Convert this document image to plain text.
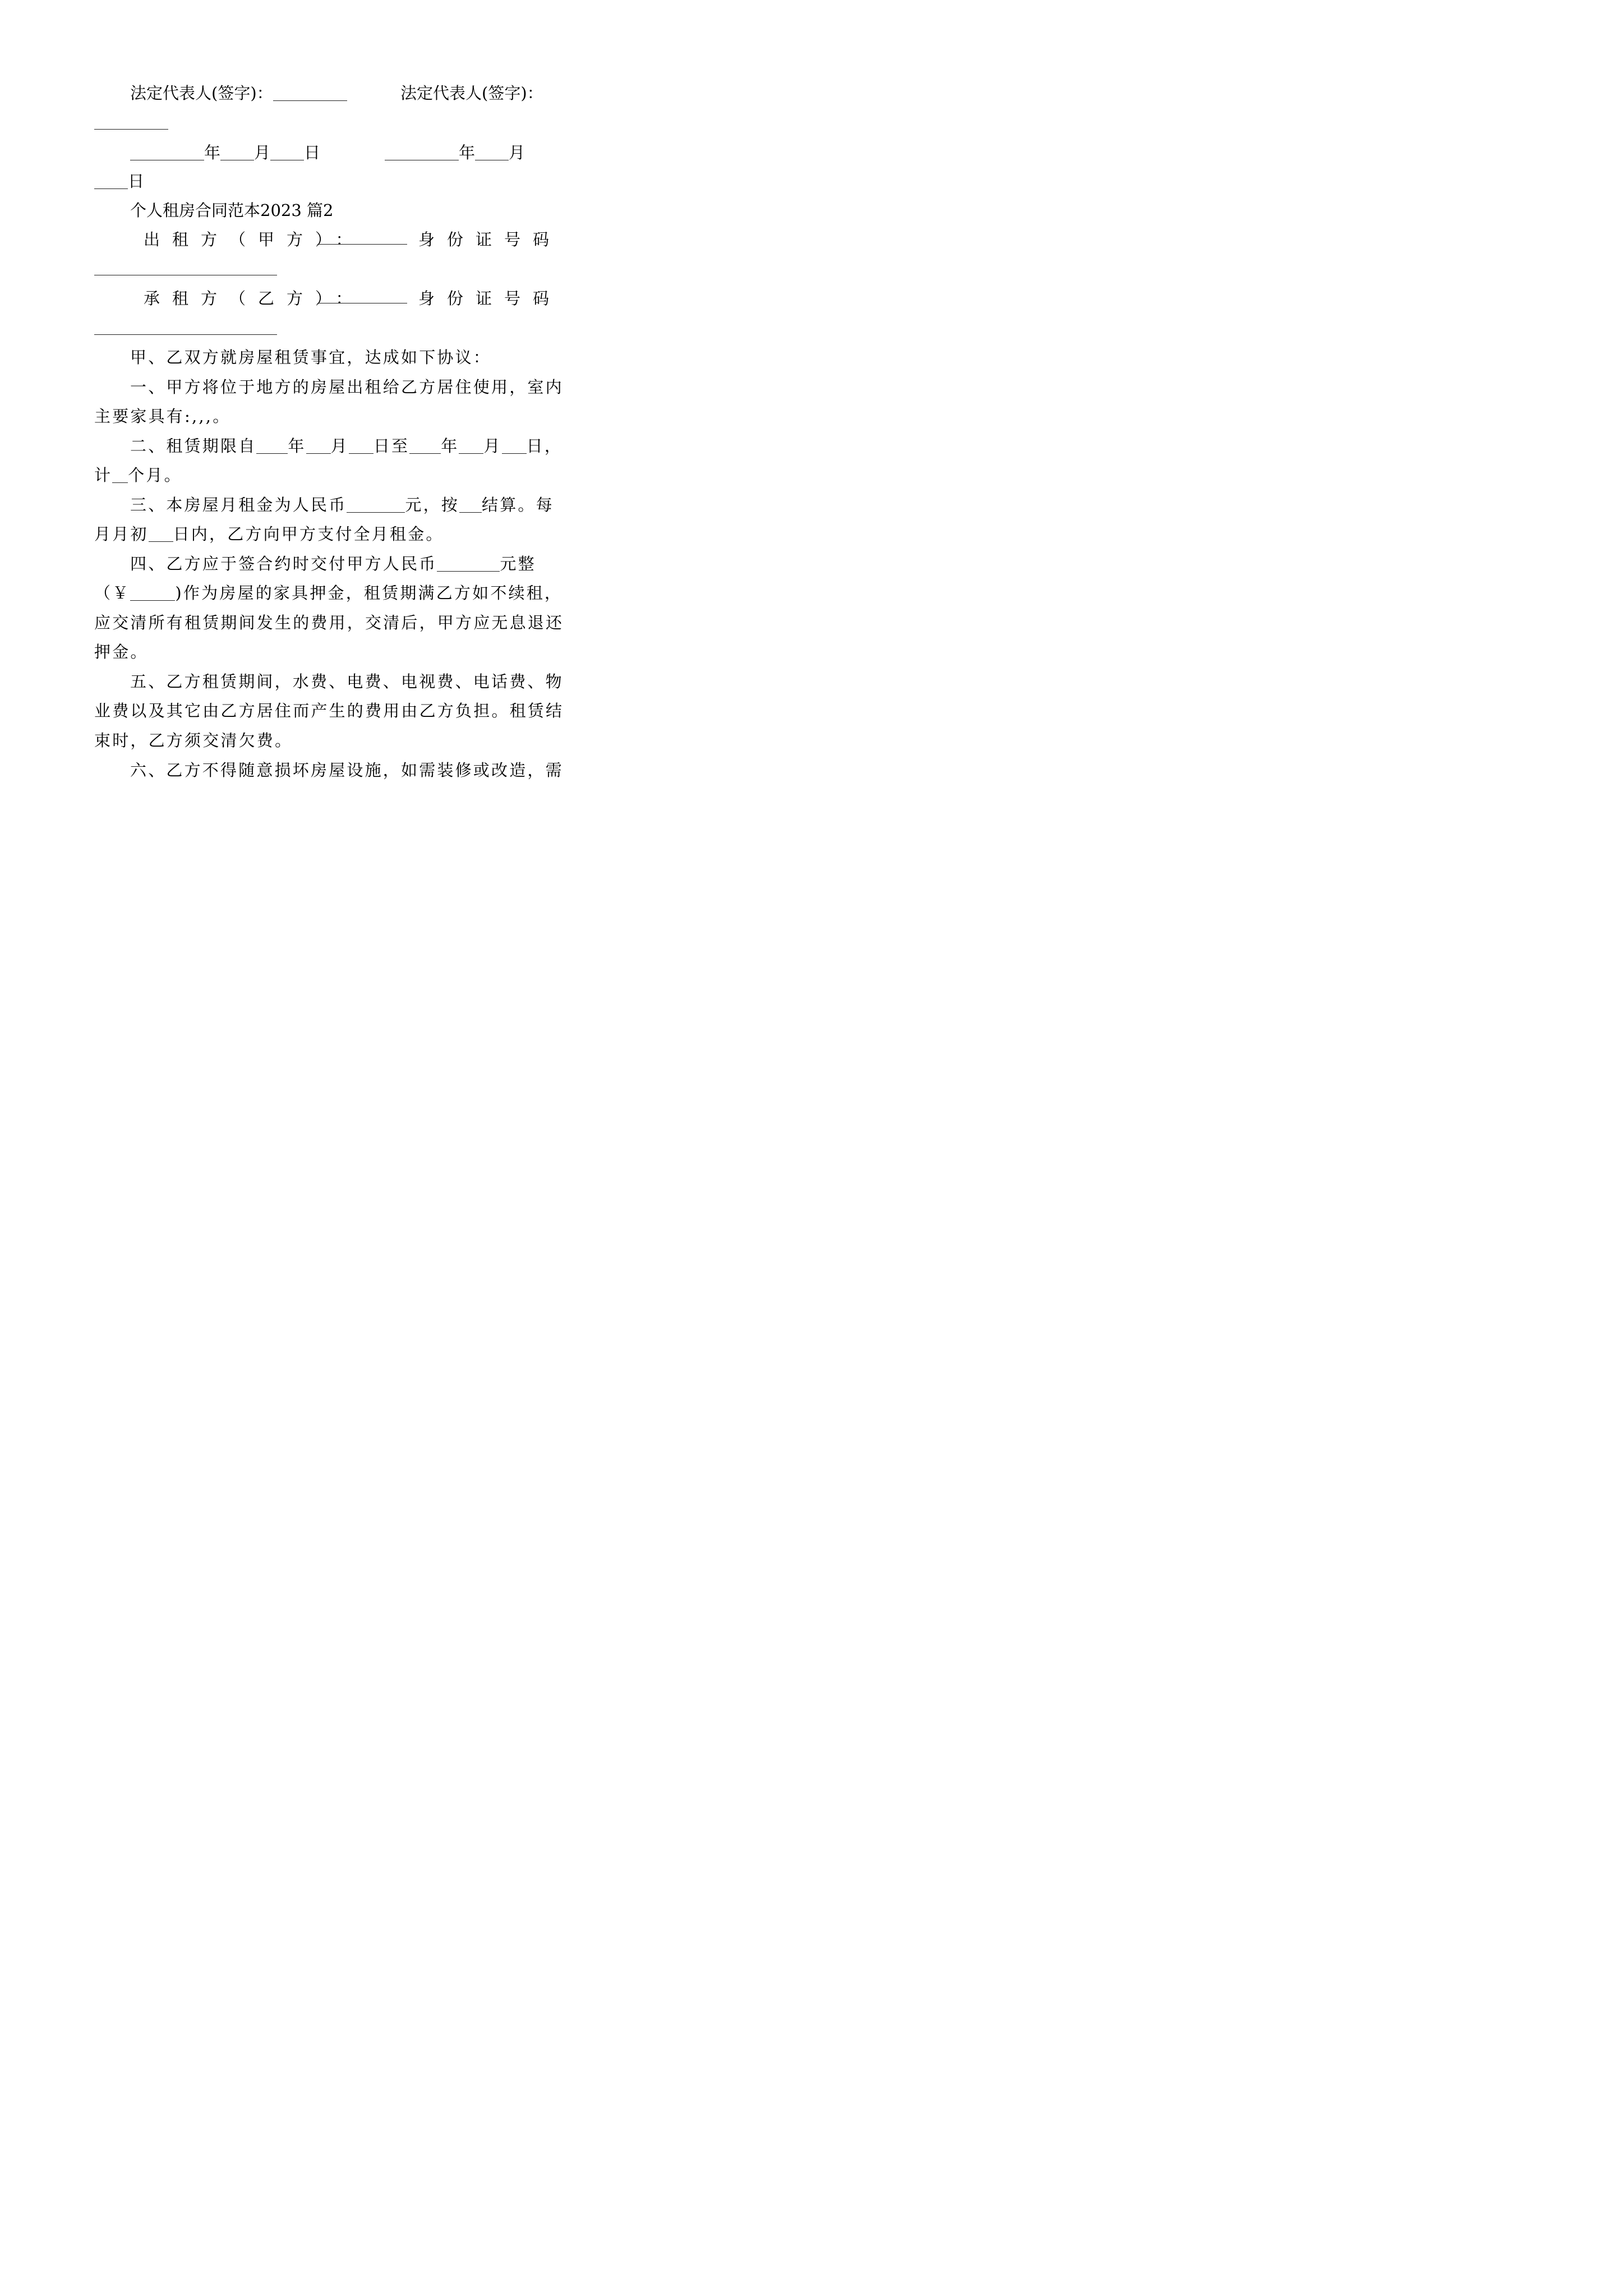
法定代表人(签字)：	法定代表人(签字)：
年 月 日	年 月
日
个人租房合同范本2023 篇2
出租方（甲方）：	身份证号码
承租方（乙方）：	身份证号码
甲、乙双方就房屋租赁事宜，达成如下协议：
一、甲方将位于地方的房屋出租给乙方居住使用，室内
主要家具有:,,,。
二、租赁期限自 年 月 日至 年 月 日，
计 个月。
三、本房屋月租金为人民币	元，按 结算。每
月月初 日内，乙方向甲方支付全月租金。
四、乙方应于签合约时交付甲方人民币	元整
（￥	)作为房屋的家具押金，租赁期满乙方如不续租，
应交清所有租赁期间发生的费用，交清后，甲方应无息退还
押金。
五、乙方租赁期间，水费、电费、电视费、电话费、物
业费以及其它由乙方居住而产生的费用由乙方负担。租赁结
束时，乙方须交清欠费。
六、乙方不得随意损坏房屋设施，如需装修或改造，需
